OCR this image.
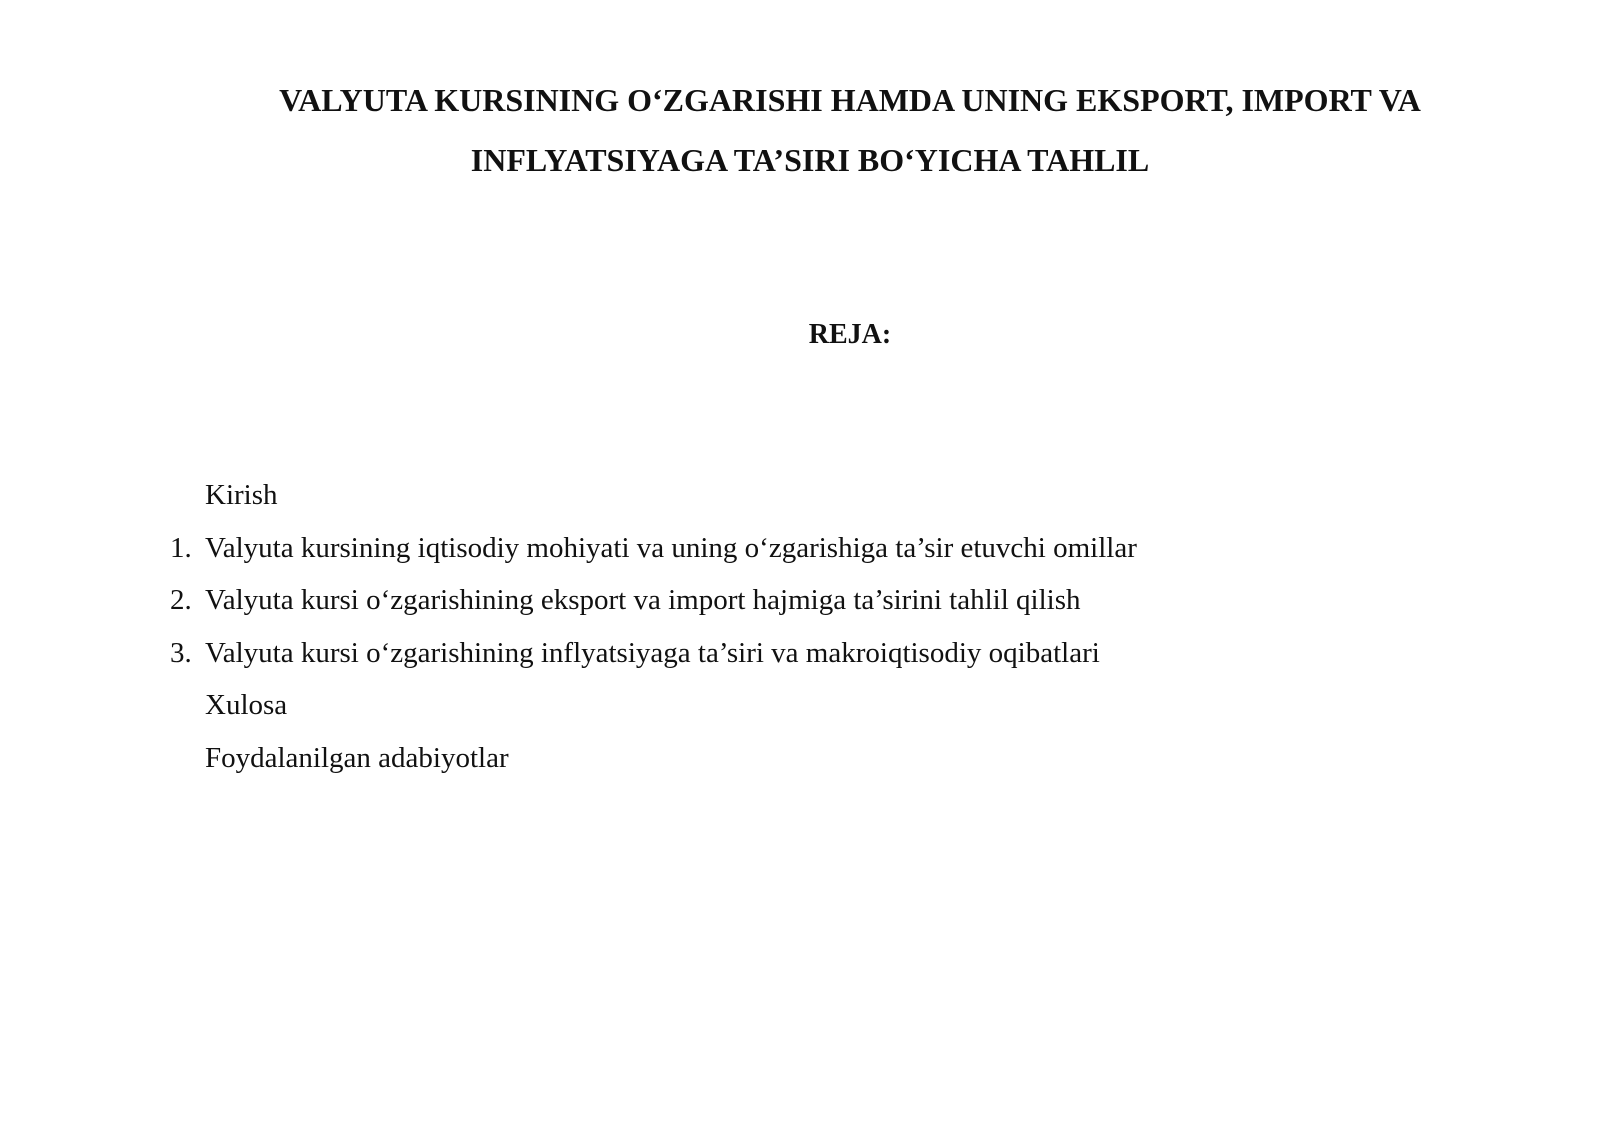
VALYUTA KURSINING O‘ZGARISHI HAMDA UNING EKSPORT, IMPORT VA
INFLYATSIYAGA TA’SIRI BO‘YICHA TAHLIL
REJA:
Kirish
1. Valyuta kursining iqtisodiy mohiyati va uning o‘zgarishiga ta’sir etuvchi omillar
2. Valyuta kursi o‘zgarishining eksport va import hajmiga ta’sirini tahlil qilish
3. Valyuta kursi o‘zgarishining inflyatsiyaga ta’siri va makroiqtisodiy oqibatlari
Xulosa
Foydalanilgan adabiyotlar
